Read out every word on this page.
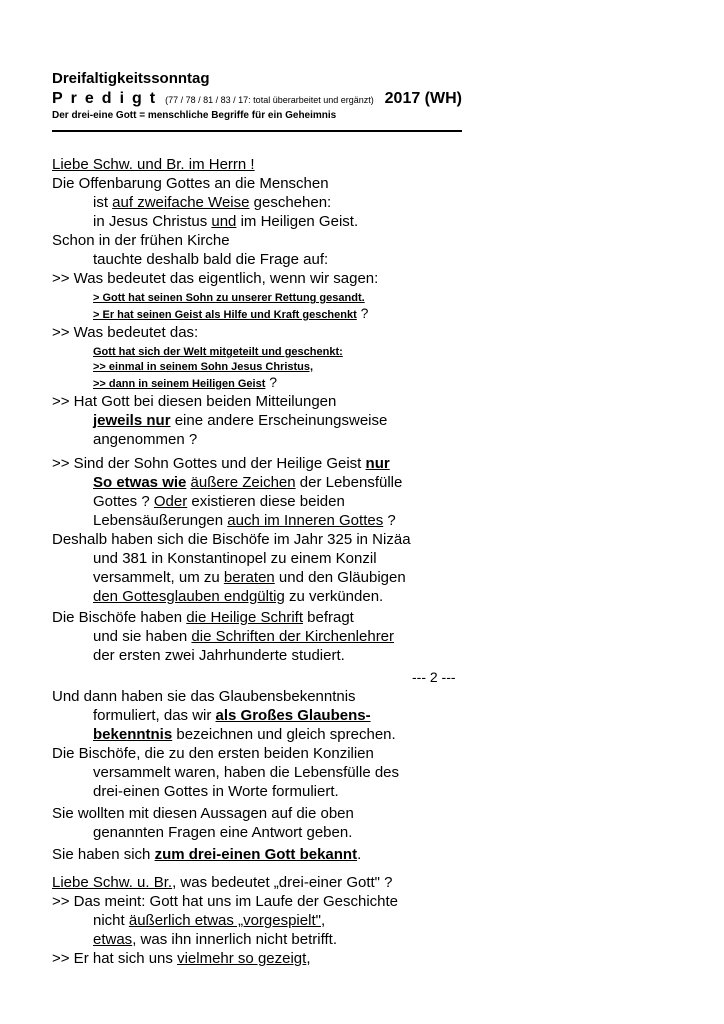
Dreifaltigkeitssonntag
Predigt (77 / 78 / 81 / 83 / 17: total überarbeitet und ergänzt) 2017 (WH)
Der drei-eine Gott = menschliche Begriffe für ein Geheimnis
Liebe Schw. und Br. im Herrn !
Die Offenbarung Gottes an die Menschen
ist auf zweifache Weise geschehen:
in Jesus Christus und im Heiligen Geist.
Schon in der frühen Kirche
tauchte deshalb bald die Frage auf:
>> Was bedeutet das eigentlich, wenn wir sagen:
> Gott hat seinen Sohn zu unserer Rettung gesandt.
> Er hat seinen Geist als Hilfe und Kraft geschenkt ?
>> Was bedeutet das:
Gott hat sich der Welt mitgeteilt und geschenkt:
>> einmal in seinem Sohn Jesus Christus,
>> dann in seinem Heiligen Geist ?
>> Hat Gott bei diesen beiden Mitteilungen
jeweils nur eine andere Erscheinungsweise
angenommen ?
>> Sind der Sohn Gottes und der Heilige Geist nur
So etwas wie äußere Zeichen der Lebensfülle
Gottes ? Oder existieren diese beiden
Lebensäußerungen auch im Inneren Gottes ?
Deshalb haben sich die Bischöfe im Jahr 325 in Nizäa
und 381 in Konstantinopel zu einem Konzil
versammelt, um zu beraten und den Gläubigen
den Gottesglauben endgültig zu verkünden.
Die Bischöfe haben die Heilige Schrift befragt
und sie haben die Schriften der Kirchenlehrer
der ersten zwei Jahrhunderte studiert.
--- 2 ---
Und dann haben sie das Glaubensbekenntnis
formuliert, das wir als Großes Glaubens-
bekenntnis bezeichnen und gleich sprechen.
Die Bischöfe, die zu den ersten beiden Konzilien
versammelt waren, haben die Lebensfülle des
drei-einen Gottes in Worte formuliert.
Sie wollten mit diesen Aussagen auf die oben
genannten Fragen eine Antwort geben.
Sie haben sich zum drei-einen Gott bekannt.
Liebe Schw. u. Br., was bedeutet „drei-einer Gott" ?
>> Das meint: Gott hat uns im Laufe der Geschichte
nicht äußerlich etwas „vorgespielt",
etwas, was ihn innerlich nicht betrifft.
>> Er hat sich uns vielmehr so gezeigt,
